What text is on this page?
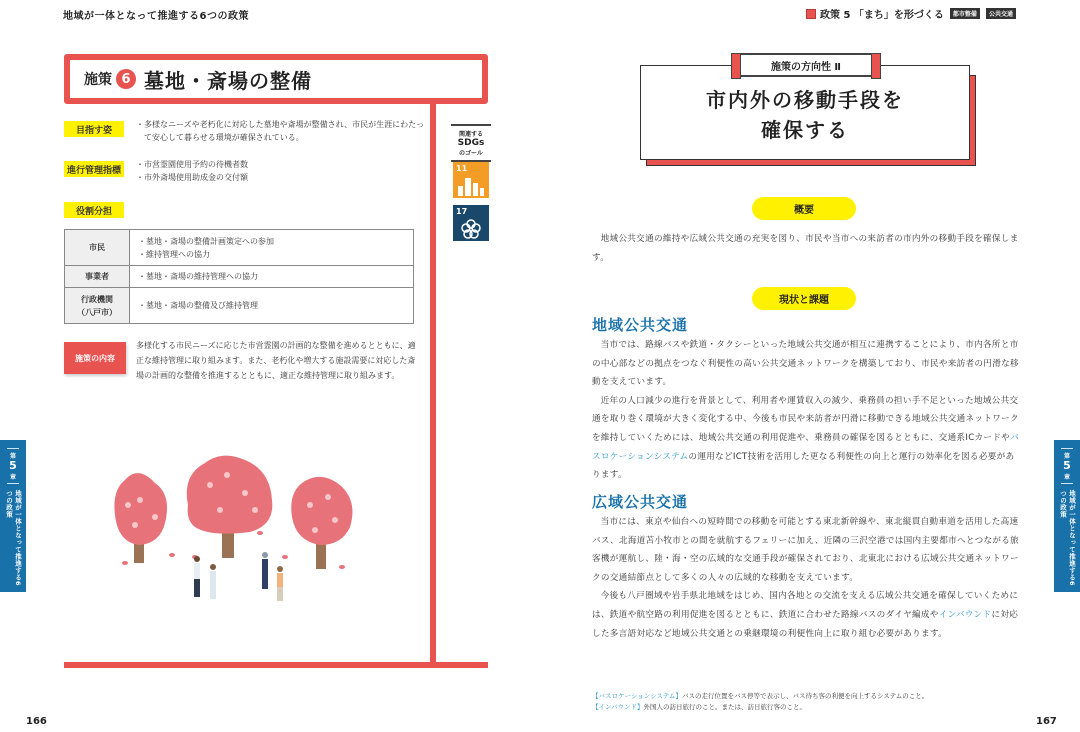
地域が一体となって推進する6つの政策
施策 6 墓地・斎場の整備
目指す姿
・多様なニーズや老朽化に対応した墓地や斎場が整備され、市民が生涯にわたっ
　て安心して暮らせる環境が確保されている。
進行管理指標
・市営霊園使用予約の待機者数
・市外斎場使用助成金の交付額
役割分担
市民	・墓地・斎場の整備計画策定への参加
・維持管理への協力

事業者	・墓地・斎場の維持管理への協力

行政機関
（八戸市）	・墓地・斎場の整備及び維持管理
施策の内容
多様化する市民ニーズに応じた市営霊園の計画的な整備を進めるとともに、適正な維持管理に取り組みます。また、老朽化や増大する施設需要に対応した斎場の計画的な整備を推進するとともに、適正な維持管理に取り組みます。
関連する
SDGs
のゴール
11
17
第
5
章
地域が一体となって推進する6つの政策
166
政策 5 「まち」を形づくる	都市整備	公共交通
施策の方向性 Ⅱ
市内外の移動手段を
確保する
概要

地域公共交通の維持や広域公共交通の充実を図り、市民や当市への来訪者の市内外の移動手段を確保します。

現状と課題
地域公共交通

当市では、路線バスや鉄道・タクシーといった地域公共交通が相互に連携することにより、市内各所と市の中心部などの拠点をつなぐ利便性の高い公共交通ネットワークを構築しており、市民や来訪者の円滑な移動を支えています。

近年の人口減少の進行を背景として、利用者や運賃収入の減少、乗務員の担い手不足といった地域公共交通を取り巻く環境が大きく変化する中、今後も市民や来訪者が円滑に移動できる地域公共交通ネットワークを維持していくためには、地域公共交通の利用促進や、乗務員の確保を図るとともに、交通系ICカードやバスロケーションシステムの運用などICT技術を活用した更なる利便性の向上と運行の効率化を図る必要があります。

広域公共交通

当市には、東京や仙台への短時間での移動を可能とする東北新幹線や、東北縦貫自動車道を活用した高速バス、北海道苫小牧市との間を就航するフェリーに加え、近隣の三沢空港では国内主要都市へとつながる旅客機が運航し、陸・海・空の広域的な交通手段が確保されており、北東北における広域公共交通ネットワークの交通結節点として多くの人々の広域的な移動を支えています。

今後も八戸圏域や岩手県北地域をはじめ、国内各地との交流を支える広域公共交通を確保していくためには、鉄道や航空路の利用促進を図るとともに、鉄道に合わせた路線バスのダイヤ編成やインバウンドに対応した多言語対応など地域公共交通との乗継環境の利便性向上に取り組む必要があります。

【バスロケーションシステム】バスの走行位置をバス停等で表示し、バス待ち客の利便を向上するシステムのこと。
【インバウンド】外国人の訪日旅行のこと。または、訪日旅行客のこと。
第
5
章
地域が一体となって推進する6つの政策
167
